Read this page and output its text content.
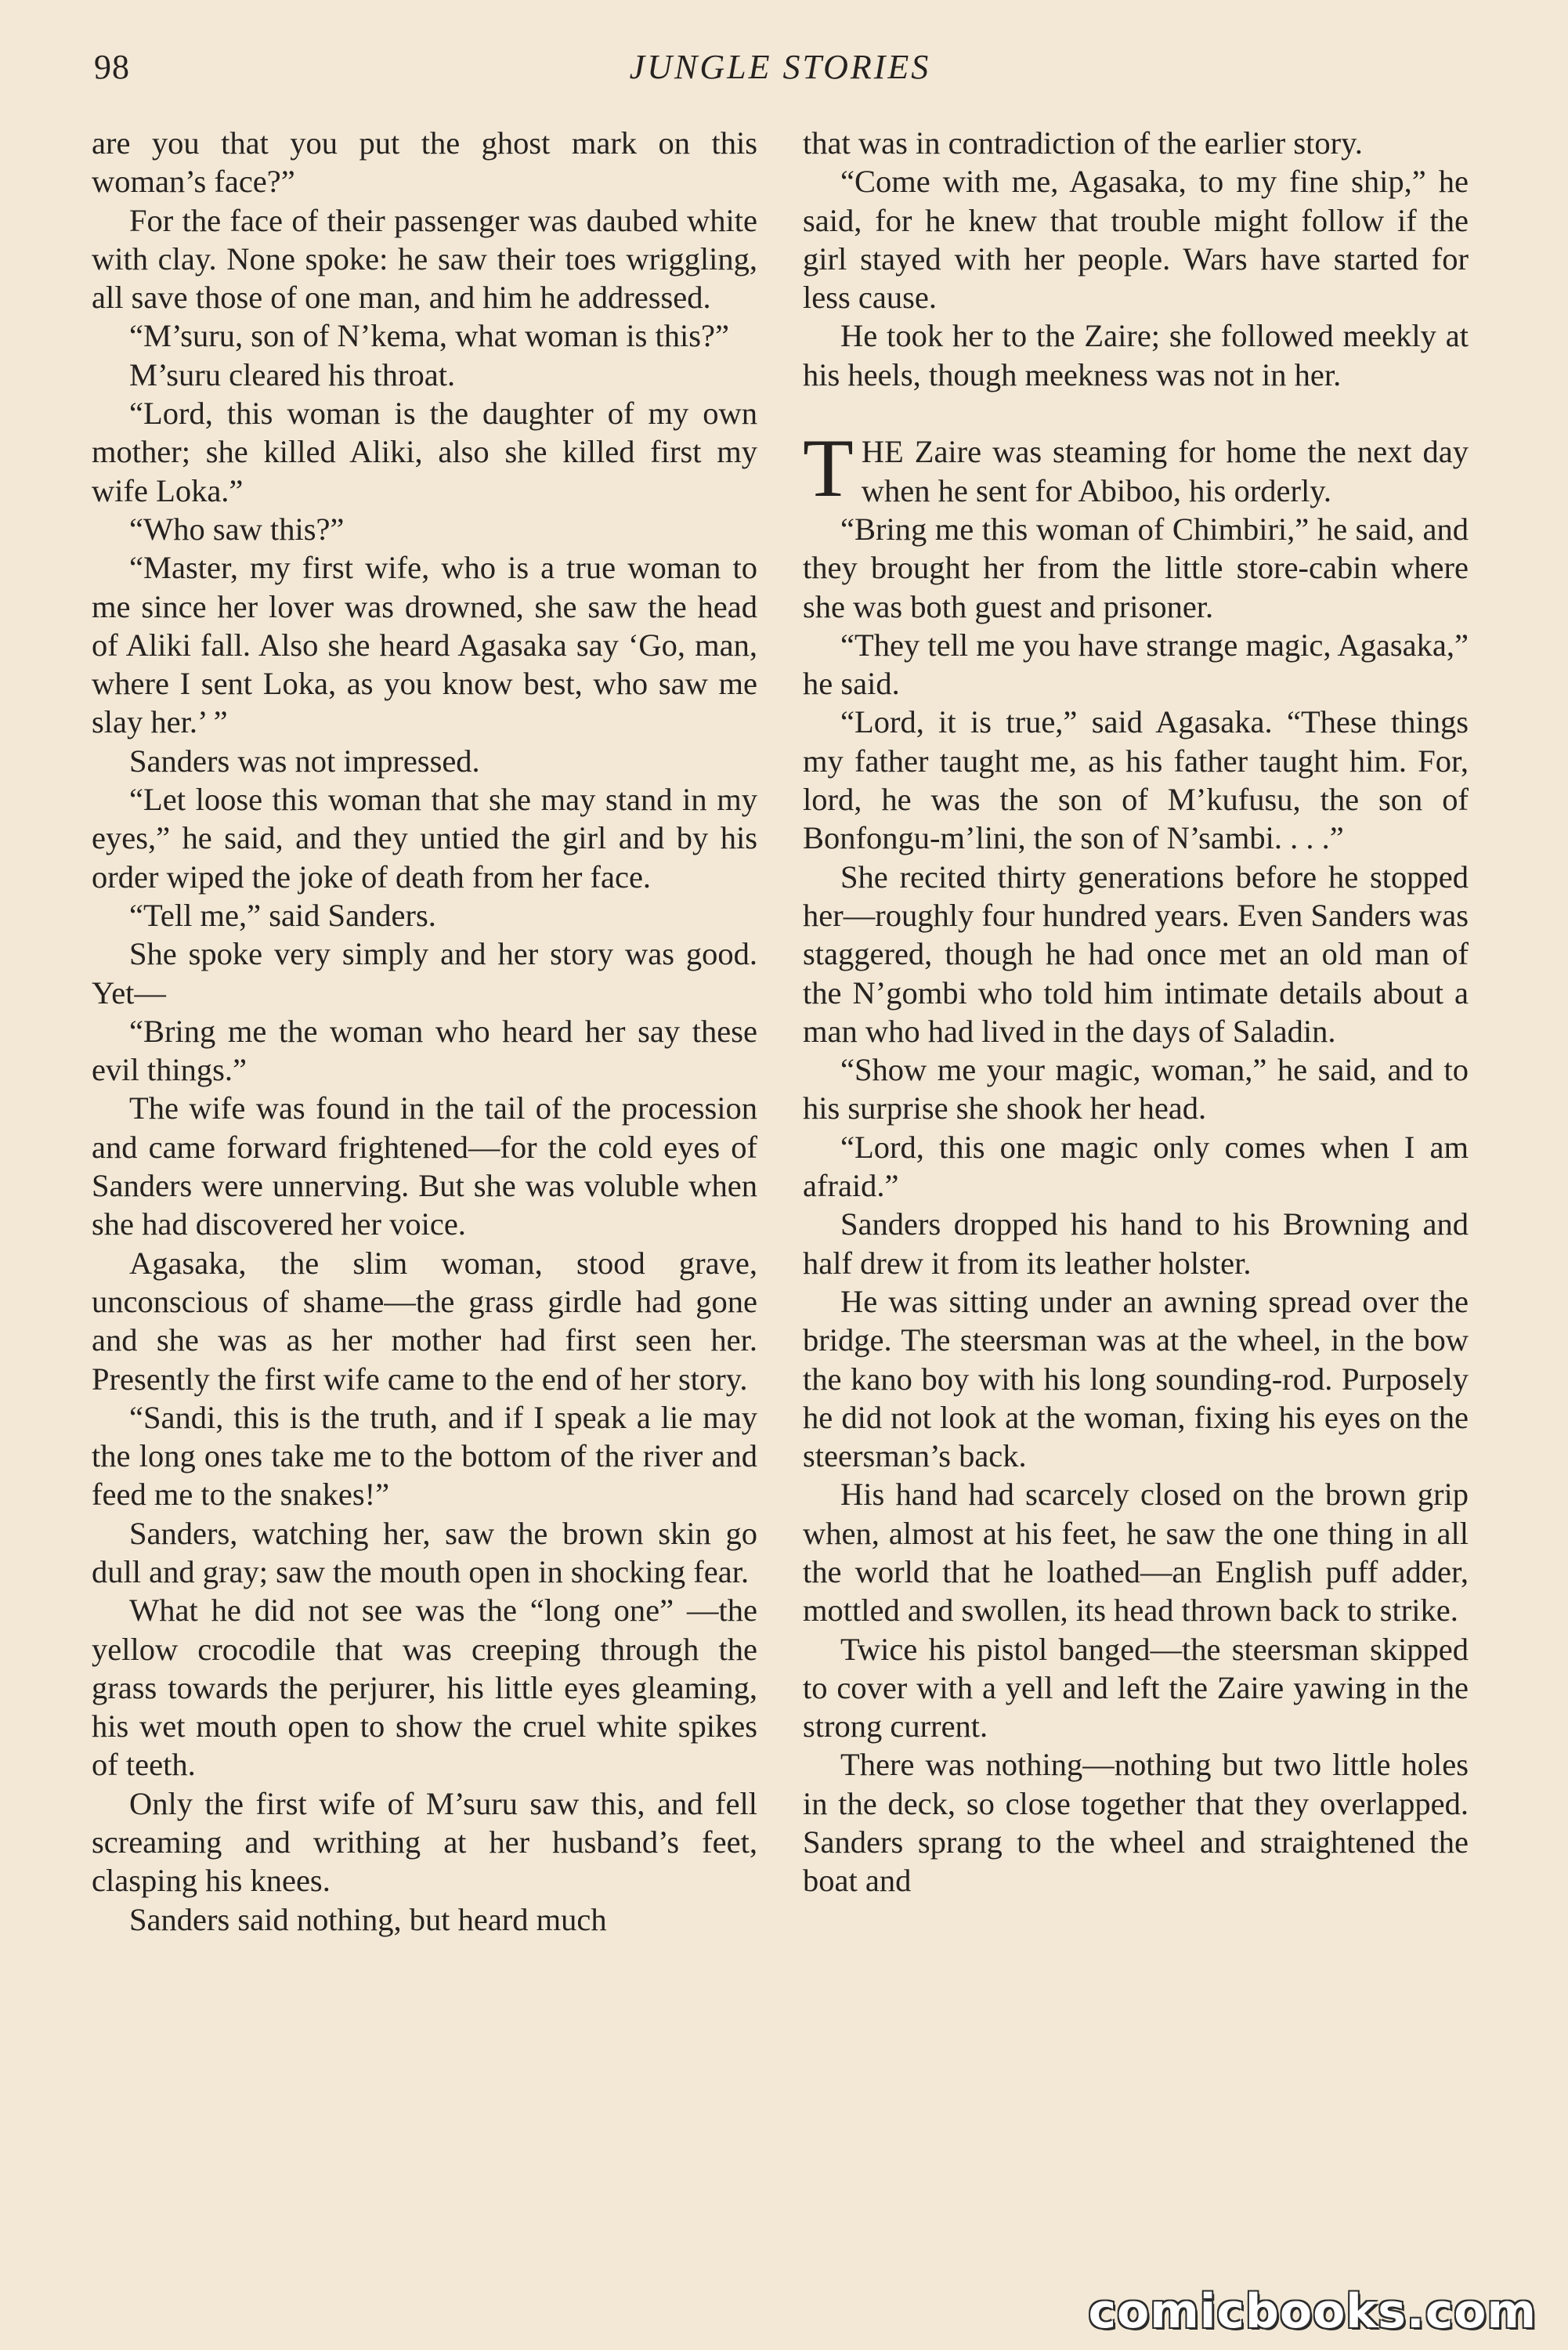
98	JUNGLE STORIES

are you that you put the ghost mark on this woman’s face?”

For the face of their passenger was daubed white with clay. None spoke: he saw their toes wriggling, all save those of one man, and him he addressed.

“M’suru, son of N’kema, what woman is this?”

M’suru cleared his throat.

“Lord, this woman is the daughter of my own mother; she killed Aliki, also she killed first my wife Loka.”

“Who saw this?”

“Master, my first wife, who is a true woman to me since her lover was drowned, she saw the head of Aliki fall. Also she heard Agasaka say ‘Go, man, where I sent Loka, as you know best, who saw me slay her.’ ”

Sanders was not impressed.

“Let loose this woman that she may stand in my eyes,” he said, and they untied the girl and by his order wiped the joke of death from her face.

“Tell me,” said Sanders.

She spoke very simply and her story was good. Yet—

“Bring me the woman who heard her say these evil things.”

The wife was found in the tail of the procession and came forward frightened—for the cold eyes of Sanders were unnerving. But she was voluble when she had discovered her voice.

Agasaka, the slim woman, stood grave, unconscious of shame—the grass girdle had gone and she was as her mother had first seen her. Presently the first wife came to the end of her story.

“Sandi, this is the truth, and if I speak a lie may the long ones take me to the bottom of the river and feed me to the snakes!”

Sanders, watching her, saw the brown skin go dull and gray; saw the mouth open in shocking fear.

What he did not see was the “long one” —the yellow crocodile that was creeping through the grass towards the perjurer, his little eyes gleaming, his wet mouth open to show the cruel white spikes of teeth.

Only the first wife of M’suru saw this, and fell screaming and writhing at her husband’s feet, clasping his knees.

Sanders said nothing, but heard much

that was in contradiction of the earlier story.

“Come with me, Agasaka, to my fine ship,” he said, for he knew that trouble might follow if the girl stayed with her people. Wars have started for less cause.

He took her to the Zaire; she followed meekly at his heels, though meekness was not in her.

THE Zaire was steaming for home the next day when he sent for Abiboo, his orderly.

“Bring me this woman of Chimbiri,” he said, and they brought her from the little store-cabin where she was both guest and prisoner.

“They tell me you have strange magic, Agasaka,” he said.

“Lord, it is true,” said Agasaka. “These things my father taught me, as his father taught him. For, lord, he was the son of M’kufusu, the son of Bonfongu-m’lini, the son of N’sambi. . . .”

She recited thirty generations before he stopped her—roughly four hundred years. Even Sanders was staggered, though he had once met an old man of the N’gombi who told him intimate details about a man who had lived in the days of Saladin.

“Show me your magic, woman,” he said, and to his surprise she shook her head.

“Lord, this one magic only comes when I am afraid.”

Sanders dropped his hand to his Browning and half drew it from its leather holster.

He was sitting under an awning spread over the bridge. The steersman was at the wheel, in the bow the kano boy with his long sounding-rod. Purposely he did not look at the woman, fixing his eyes on the steersman’s back.

His hand had scarcely closed on the brown grip when, almost at his feet, he saw the one thing in all the world that he loathed—an English puff adder, mottled and swollen, its head thrown back to strike.

Twice his pistol banged—the steersman skipped to cover with a yell and left the Zaire yawing in the strong current.

There was nothing—nothing but two little holes in the deck, so close together that they overlapped. Sanders sprang to the wheel and straightened the boat and

comicbooks.com
